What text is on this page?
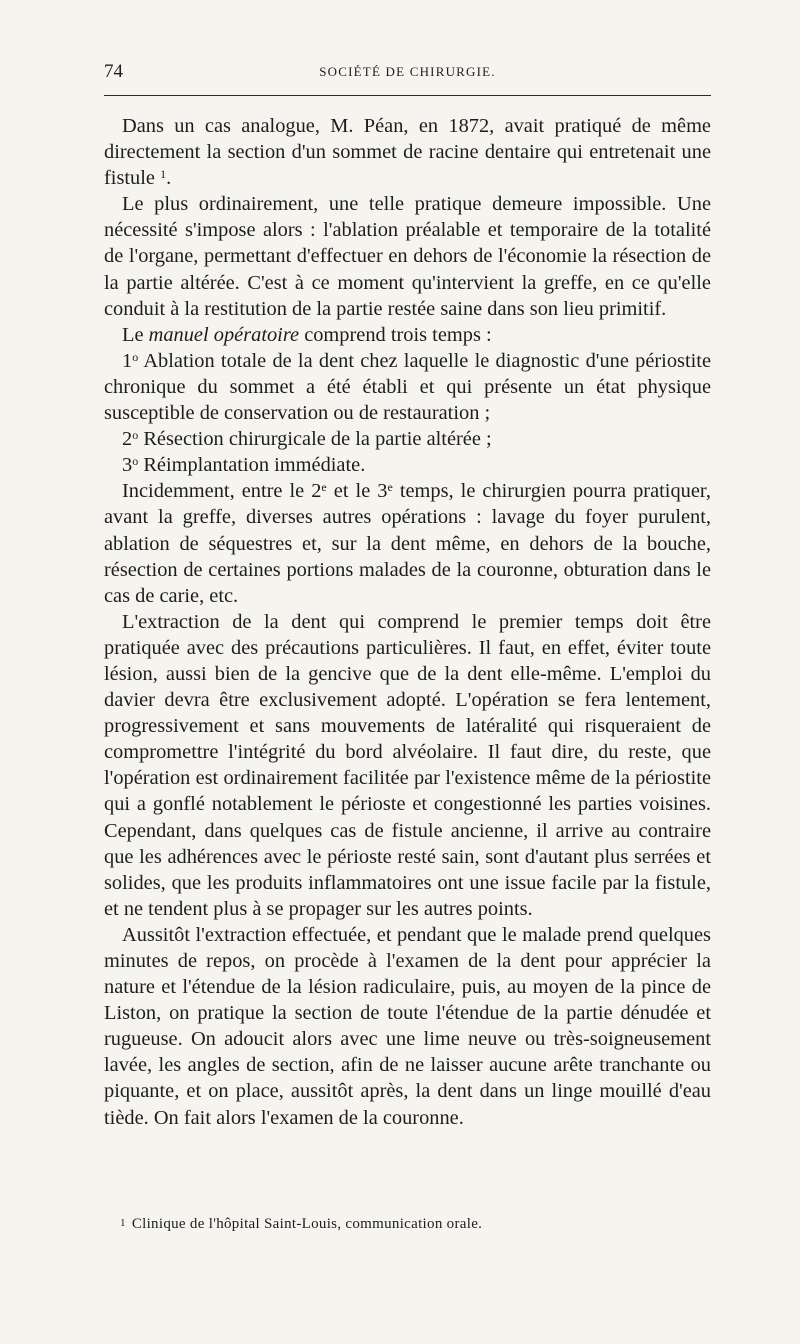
74	SOCIÉTÉ DE CHIRURGIE.

Dans un cas analogue, M. Péan, en 1872, avait pratiqué de même directement la section d'un sommet de racine dentaire qui entretenait une fistule $^1$.

Le plus ordinairement, une telle pratique demeure impossible. Une nécessité s'impose alors : l'ablation préalable et temporaire de la totalité de l'organe, permettant d'effectuer en dehors de l'économie la résection de la partie altérée. C'est à ce moment qu'intervient la greffe, en ce qu'elle conduit à la restitution de la partie restée saine dans son lieu primitif.

Le manuel opératoire comprend trois temps :

1$^o$ Ablation totale de la dent chez laquelle le diagnostic d'une périostite chronique du sommet a été établi et qui présente un état physique susceptible de conservation ou de restauration ;

2$^o$ Résection chirurgicale de la partie altérée ;

3$^o$ Réimplantation immédiate.

Incidemment, entre le 2e et le 3e temps, le chirurgien pourra pratiquer, avant la greffe, diverses autres opérations : lavage du foyer purulent, ablation de séquestres et, sur la dent même, en dehors de la bouche, résection de certaines portions malades de la couronne, obturation dans le cas de carie, etc.

L'extraction de la dent qui comprend le premier temps doit être pratiquée avec des précautions particulières. Il faut, en effet, éviter toute lésion, aussi bien de la gencive que de la dent elle-même. L'emploi du davier devra être exclusivement adopté. L'opération se fera lentement, progressivement et sans mouvements de latéralité qui risqueraient de compromettre l'intégrité du bord alvéolaire. Il faut dire, du reste, que l'opération est ordinairement facilitée par l'existence même de la périostite qui a gonflé notablement le périoste et congestionné les parties voisines. Cependant, dans quelques cas de fistule ancienne, il arrive au contraire que les adhérences avec le périoste resté sain, sont d'autant plus serrées et solides, que les produits inflammatoires ont une issue facile par la fistule, et ne tendent plus à se propager sur les autres points.

Aussitôt l'extraction effectuée, et pendant que le malade prend quelques minutes de repos, on procède à l'examen de la dent pour apprécier la nature et l'étendue de la lésion radiculaire, puis, au moyen de la pince de Liston, on pratique la section de toute l'étendue de la partie dénudée et rugueuse. On adoucit alors avec une lime neuve ou très-soigneusement lavée, les angles de section, afin de ne laisser aucune arête tranchante ou piquante, et on place, aussitôt après, la dent dans un linge mouillé d'eau tiède. On fait alors l'examen de la couronne.

1 Clinique de l'hôpital Saint-Louis, communication orale.
